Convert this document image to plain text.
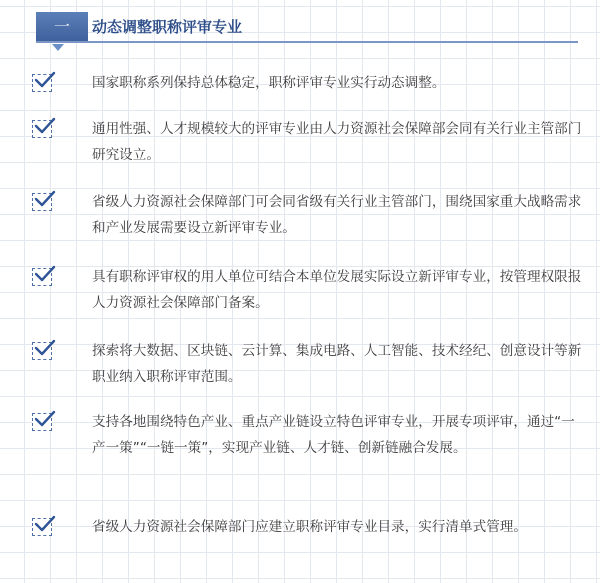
一	动态调整职称评审专业
国家职称系列保持总体稳定，职称评审专业实行动态调整。
通用性强、人才规模较大的评审专业由人力资源社会保障部会同有关行业主管部门研究设立。
省级人力资源社会保障部门可会同省级有关行业主管部门，围绕国家重大战略需求和产业发展需要设立新评审专业。
具有职称评审权的用人单位可结合本单位发展实际设立新评审专业，按管理权限报人力资源社会保障部门备案。
探索将大数据、区块链、云计算、集成电路、人工智能、技术经纪、创意设计等新职业纳入职称评审范围。
支持各地围绕特色产业、重点产业链设立特色评审专业，开展专项评审，通过“一产一策”“一链一策”，实现产业链、人才链、创新链融合发展。
省级人力资源社会保障部门应建立职称评审专业目录，实行清单式管理。
